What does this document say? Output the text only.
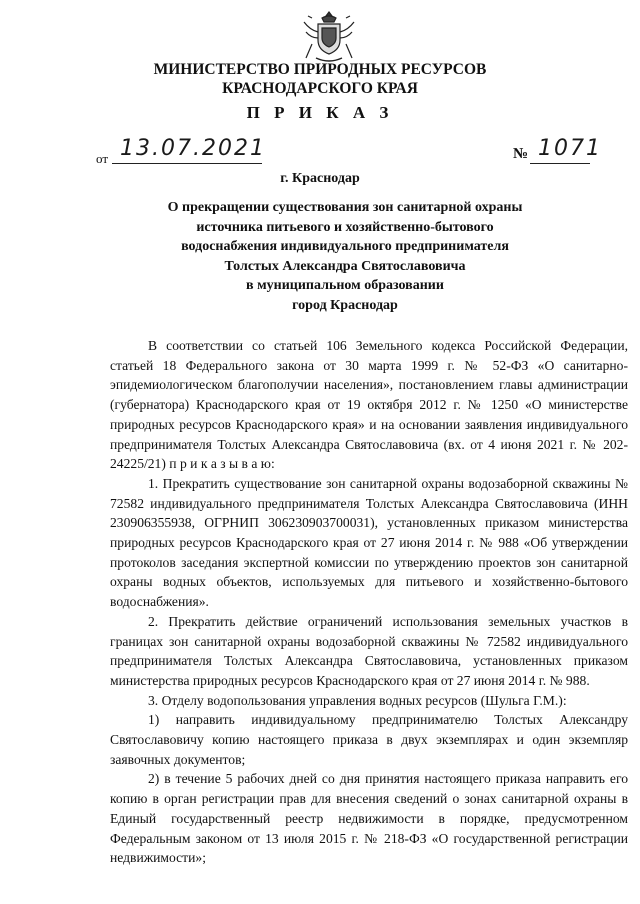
МИНИСТЕРСТВО ПРИРОДНЫХ РЕСУРСОВ
КРАСНОДАРСКОГО КРАЯ
П Р И К А З
от 13.07.2021	№ 1071
г. Краснодар
О прекращении существования зон санитарной охраны
источника питьевого и хозяйственно-бытового
водоснабжения индивидуального предпринимателя
Толстых Александра Святославовича
в муниципальном образовании
город Краснодар

В соответствии со статьей 106 Земельного кодекса Российской Федерации, статьей 18 Федерального закона от 30 марта 1999 г. № 52-ФЗ «О санитарно-эпидемиологическом благополучии населения», постановлением главы администрации (губернатора) Краснодарского края от 19 октября 2012 г. № 1250 «О министерстве природных ресурсов Краснодарского края» и на основании заявления индивидуального предпринимателя Толстых Александра Святославовича (вх. от 4 июня 2021 г. № 202-24225/21) п р и к а з ы в а ю:

1. Прекратить существование зон санитарной охраны водозаборной скважины № 72582 индивидуального предпринимателя Толстых Александра Святославовича (ИНН 230906355938, ОГРНИП 306230903700031), установленных приказом министерства природных ресурсов Краснодарского края от 27 июня 2014 г. № 988 «Об утверждении протоколов заседания экспертной комиссии по утверждению проектов зон санитарной охраны водных объектов, используемых для питьевого и хозяйственно-бытового водоснабжения».

2. Прекратить действие ограничений использования земельных участков в границах зон санитарной охраны водозаборной скважины № 72582 индивидуального предпринимателя Толстых Александра Святославовича, установленных приказом министерства природных ресурсов Краснодарского края от 27 июня 2014 г. № 988.

3. Отделу водопользования управления водных ресурсов (Шульга Г.М.):

1) направить индивидуальному предпринимателю Толстых Александру Святославовичу копию настоящего приказа в двух экземплярах и один экземпляр заявочных документов;

2) в течение 5 рабочих дней со дня принятия настоящего приказа направить его копию в орган регистрации прав для внесения сведений о зонах санитарной охраны в Единый государственный реестр недвижимости в порядке, предусмотренном Федеральным законом от 13 июля 2015 г. № 218-ФЗ «О государственной регистрации недвижимости»;
